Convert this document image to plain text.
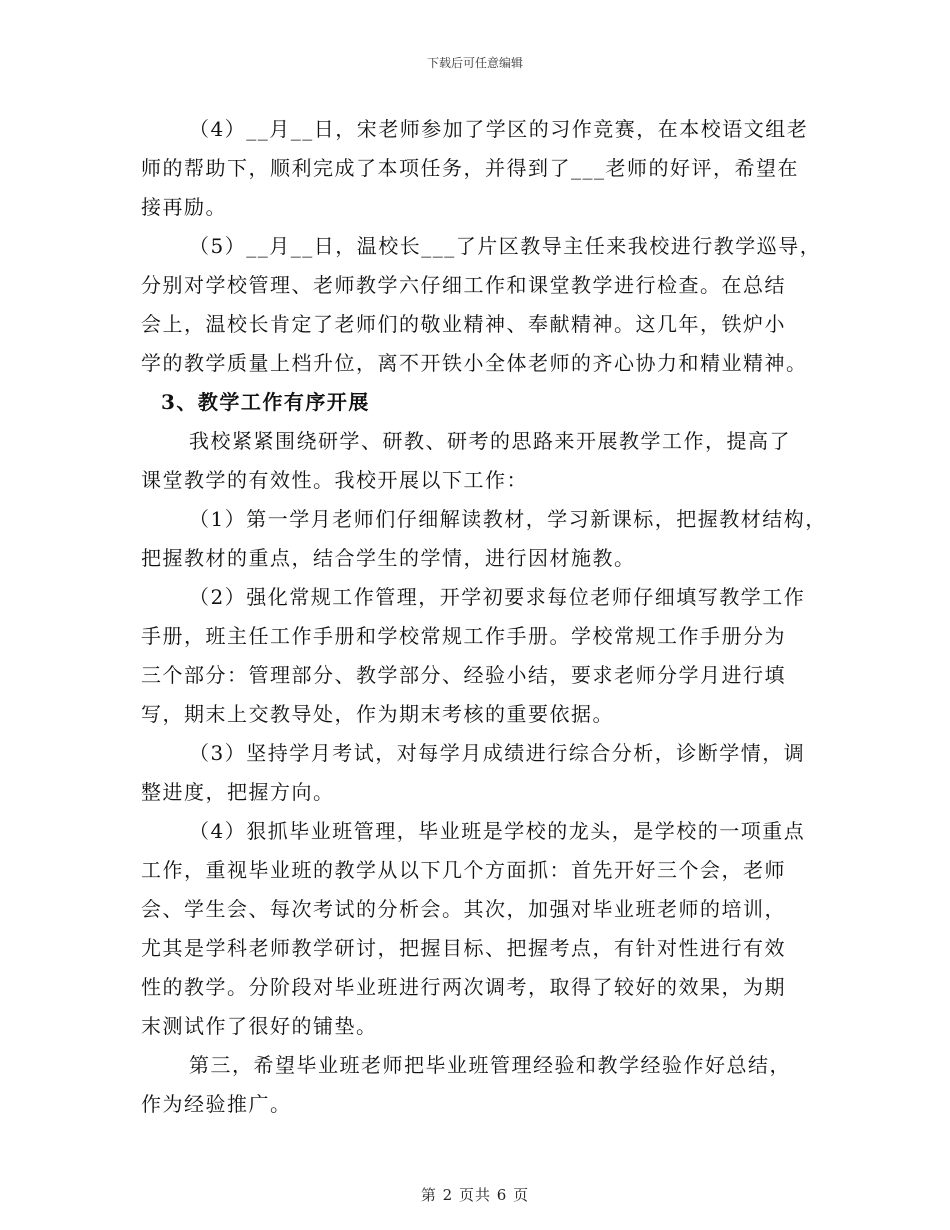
下载后可任意编辑

（4）__月__日，宋老师参加了学区的习作竞赛，在本校语文组老
师的帮助下，顺利完成了本项任务，并得到了___老师的好评，希望在
接再励。

（5）__月__日，温校长___了片区教导主任来我校进行教学巡导，
分别对学校管理、老师教学六仔细工作和课堂教学进行检查。在总结
会上，温校长肯定了老师们的敬业精神、奉献精神。这几年，铁炉小
学的教学质量上档升位，离不开铁小全体老师的齐心协力和精业精神。

3、教学工作有序开展

我校紧紧围绕研学、研教、研考的思路来开展教学工作，提高了
课堂教学的有效性。我校开展以下工作：

（1）第一学月老师们仔细解读教材，学习新课标，把握教材结构，
把握教材的重点，结合学生的学情，进行因材施教。

（2）强化常规工作管理，开学初要求每位老师仔细填写教学工作
手册，班主任工作手册和学校常规工作手册。学校常规工作手册分为
三个部分：管理部分、教学部分、经验小结，要求老师分学月进行填
写，期末上交教导处，作为期末考核的重要依据。

（3）坚持学月考试，对每学月成绩进行综合分析，诊断学情，调
整进度，把握方向。

（4）狠抓毕业班管理，毕业班是学校的龙头，是学校的一项重点
工作，重视毕业班的教学从以下几个方面抓：首先开好三个会，老师
会、学生会、每次考试的分析会。其次，加强对毕业班老师的培训，
尤其是学科老师教学研讨，把握目标、把握考点，有针对性进行有效
性的教学。分阶段对毕业班进行两次调考，取得了较好的效果，为期
末测试作了很好的铺垫。

第三，希望毕业班老师把毕业班管理经验和教学经验作好总结，
作为经验推广。

第 2 页共 6 页
